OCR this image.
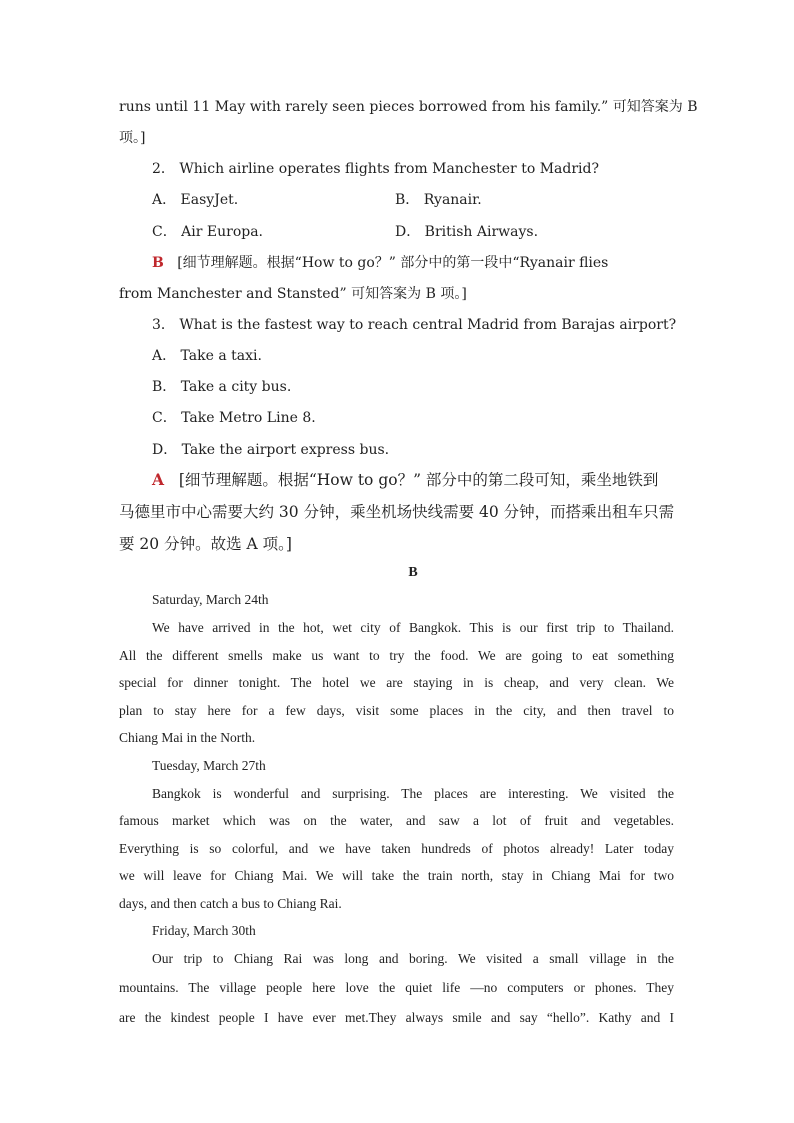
runs until 11 May with rarely seen pieces borrowed from his family.” 可知答案为 B
项。]
2． Which airline operates flights from Manchester to Madrid?
A． EasyJet.	B． Ryanair.
C． Air Europa.	D． British Airways.
B [细节理解题。根据“How to go？” 部分中的第一段中“Ryanair flies
from Manchester and Stansted” 可知答案为 B 项。]
3． What is the fastest way to reach central Madrid from Barajas airport?
A． Take a taxi.
B． Take a city bus.
C． Take Metro Line 8.
D． Take the airport express bus.
A [细节理解题。根据“How to go？” 部分中的第二段可知，乘坐地铁到
马德里市中心需要大约 30 分钟，乘坐机场快线需要 40 分钟，而搭乘出租车只需
要 20 分钟。故选 A 项。]
B
Saturday, March 24th
We have arrived in the hot, wet city of Bangkok. This is our first trip to Thailand.
All the different smells make us want to try the food. We are going to eat something
special for dinner tonight. The hotel we are staying in is cheap, and very clean. We
plan to stay here for a few days, visit some places in the city, and then travel to
Chiang Mai in the North.
Tuesday, March 27th
Bangkok is wonderful and surprising. The places are interesting. We visited the
famous market which was on the water, and saw a lot of fruit and vegetables.
Everything is so colorful, and we have taken hundreds of photos already! Later today
we will leave for Chiang Mai. We will take the train north, stay in Chiang Mai for two
days, and then catch a bus to Chiang Rai.
Friday, March 30th
Our trip to Chiang Rai was long and boring. We visited a small village in the
mountains. The village people here love the quiet life —no computers or phones. They
are the kindest people I have ever met.They always smile and say “hello”. Kathy and I
